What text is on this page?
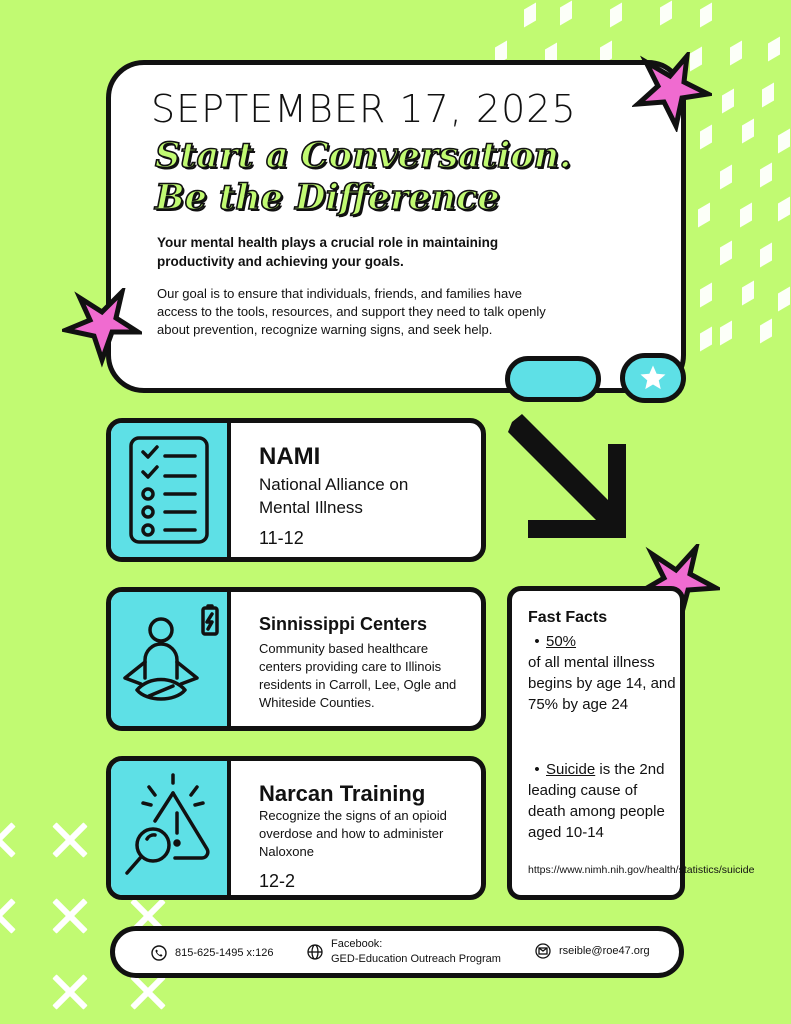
SEPTEMBER 17, 2025
Start a Conversation.
Be the Difference
Your mental health plays a crucial role in maintaining productivity and achieving your goals.
Our goal is to ensure that individuals, friends, and families have access to the tools, resources, and support they need to talk openly about prevention, recognize warning signs, and seek help.
NAMI
National Alliance on Mental Illness
11-12
Sinnissippi Centers
Community based healthcare centers providing care to Illinois residents in Carroll, Lee, Ogle and Whiteside Counties.
Narcan Training
Recognize the signs of an opioid overdose and how to administer Naloxone
12-2
Fast Facts
• 50%
of all mental illness begins by age 14, and 75% by age 24
• Suicide is the 2nd leading cause of death among people aged 10-14
https://www.nimh.nih.gov/health/statistics/suicide
815-625-1495 x:126
Facebook:
GED-Education Outreach Program
rseible@roe47.org
